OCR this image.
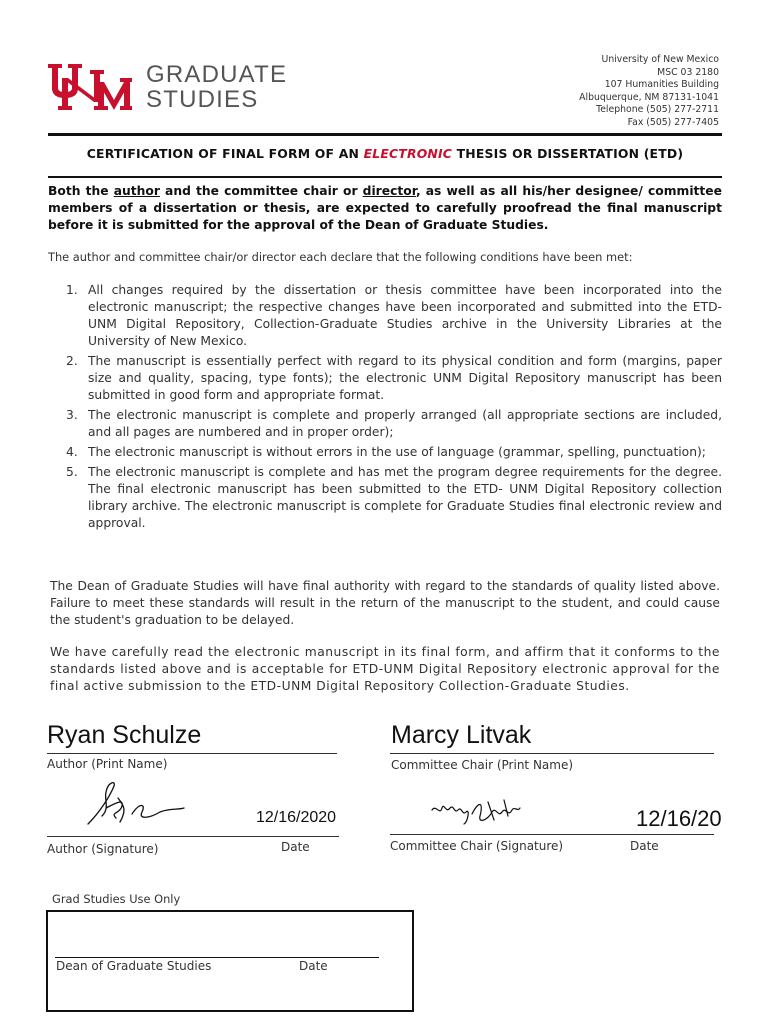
GRADUATE
STUDIES
University of New Mexico
MSC 03 2180
107 Humanities Building
Albuquerque, NM 87131-1041
Telephone (505) 277-2711
Fax (505) 277-7405
CERTIFICATION OF FINAL FORM OF AN ELECTRONIC THESIS OR DISSERTATION (ETD)
Both the author and the committee chair or director, as well as all his/her designee/ committee members of a dissertation or thesis, are expected to carefully proofread the final manuscript before it is submitted for the approval of the Dean of Graduate Studies.
The author and committee chair/or director each declare that the following conditions have been met:
1. All changes required by the dissertation or thesis committee have been incorporated into the electronic manuscript; the respective changes have been incorporated and submitted into the ETD-UNM Digital Repository, Collection-Graduate Studies archive in the University Libraries at the University of New Mexico.
2. The manuscript is essentially perfect with regard to its physical condition and form (margins, paper size and quality, spacing, type fonts); the electronic UNM Digital Repository manuscript has been submitted in good form and appropriate format.
3. The electronic manuscript is complete and properly arranged (all appropriate sections are included, and all pages are numbered and in proper order);
4. The electronic manuscript is without errors in the use of language (grammar, spelling, punctuation);
5. The electronic manuscript is complete and has met the program degree requirements for the degree. The final electronic manuscript has been submitted to the ETD- UNM Digital Repository collection library archive. The electronic manuscript is complete for Graduate Studies final electronic review and approval.
The Dean of Graduate Studies will have final authority with regard to the standards of quality listed above. Failure to meet these standards will result in the return of the manuscript to the student, and could cause the student's graduation to be delayed.
We have carefully read the electronic manuscript in its final form, and affirm that it conforms to the standards listed above and is acceptable for ETD-UNM Digital Repository electronic approval for the final active submission to the ETD-UNM Digital Repository Collection-Graduate Studies.
Ryan Schulze
Author (Print Name)
Marcy Litvak
Committee Chair (Print Name)
12/16/2020
Author (Signature)	Date
12/16/20
Committee Chair (Signature)	Date
Grad Studies Use Only
Dean of Graduate Studies	Date
